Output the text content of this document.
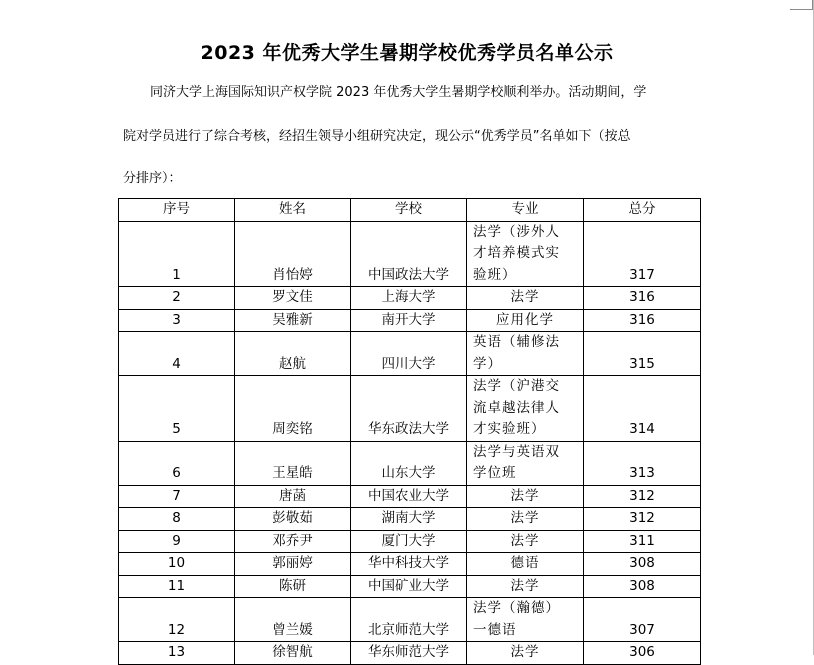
2023 年优秀大学生暑期学校优秀学员名单公示
同济大学上海国际知识产权学院 2023 年优秀大学生暑期学校顺利举办。活动期间，学
院对学员进行了综合考核，经招生领导小组研究决定，现公示“优秀学员”名单如下（按总
分排序）：
序号	姓名	学校	专业	总分
1	肖怡婷	中国政法大学	法学（涉外人
才培养模式实
验班）	317
2	罗文佳	上海大学	法学	316
3	吴雅新	南开大学	应用化学	316
4	赵航	四川大学	英语（辅修法
学）	315
5	周奕铭	华东政法大学	法学（沪港交
流卓越法律人
才实验班）	314
6	王星皓	山东大学	法学与英语双
学位班	313
7	唐菡	中国农业大学	法学	312
8	彭敬茹	湖南大学	法学	312
9	邓乔尹	厦门大学	法学	311
10	郭丽婷	华中科技大学	德语	308
11	陈研	中国矿业大学	法学	308
12	曾兰媛	北京师范大学	法学（瀚德）
一德语	307
13	徐智航	华东师范大学	法学	306
